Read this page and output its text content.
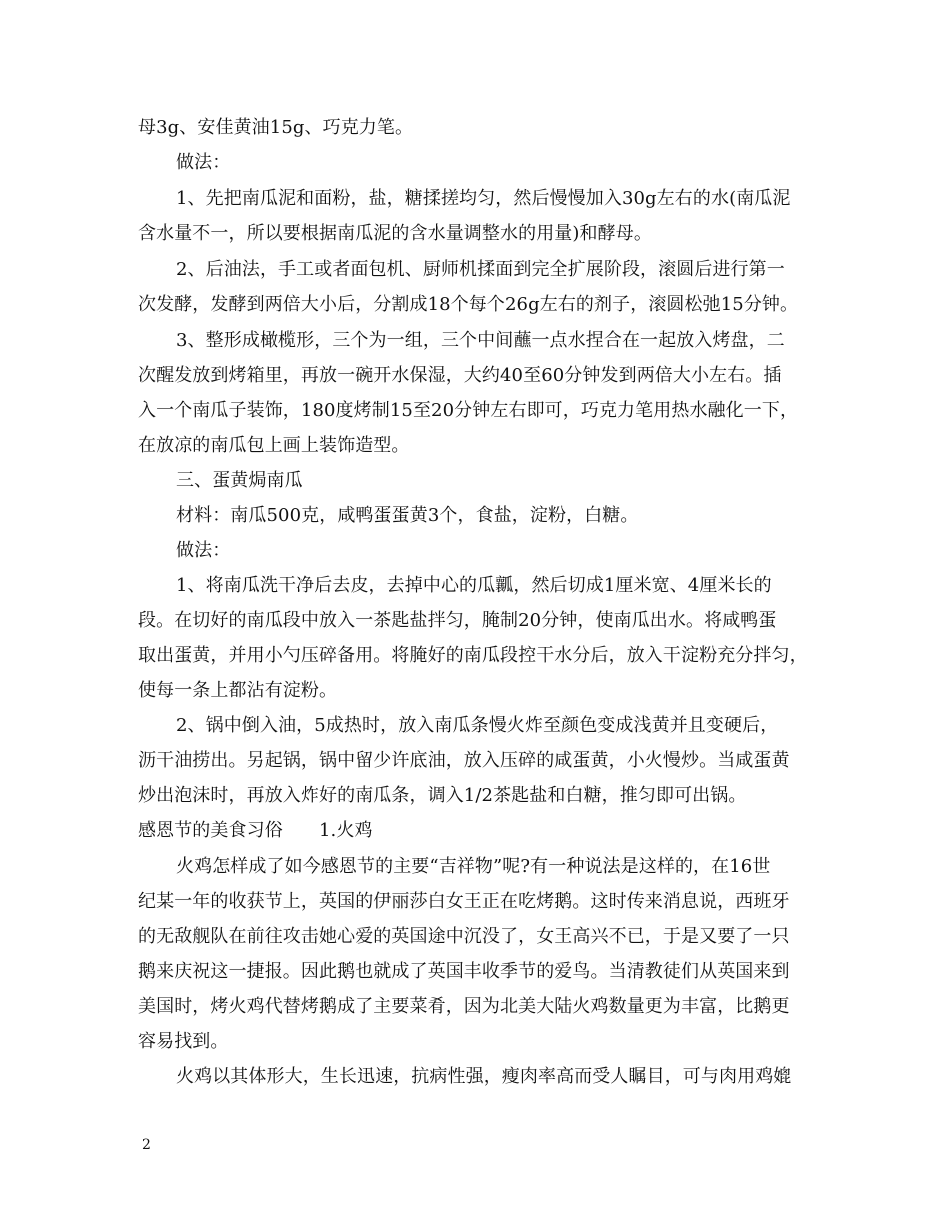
母3g、安佳黄油15g、巧克力笔。
做法：
1、先把南瓜泥和面粉，盐，糖揉搓均匀，然后慢慢加入30g左右的水(南瓜泥
含水量不一，所以要根据南瓜泥的含水量调整水的用量)和酵母。
2、后油法，手工或者面包机、厨师机揉面到完全扩展阶段，滚圆后进行第一
次发酵，发酵到两倍大小后，分割成18个每个26g左右的剂子，滚圆松弛15分钟。
3、整形成橄榄形，三个为一组，三个中间蘸一点水捏合在一起放入烤盘，二
次醒发放到烤箱里，再放一碗开水保湿，大约40至60分钟发到两倍大小左右。插
入一个南瓜子装饰，180度烤制15至20分钟左右即可，巧克力笔用热水融化一下，
在放凉的南瓜包上画上装饰造型。
三、蛋黄焗南瓜
材料：南瓜500克，咸鸭蛋蛋黄3个，食盐，淀粉，白糖。
做法：
1、将南瓜洗干净后去皮，去掉中心的瓜瓤，然后切成1厘米宽、4厘米长的
段。在切好的南瓜段中放入一茶匙盐拌匀，腌制20分钟，使南瓜出水。将咸鸭蛋
取出蛋黄，并用小勺压碎备用。将腌好的南瓜段控干水分后，放入干淀粉充分拌匀，
使每一条上都沾有淀粉。
2、锅中倒入油，5成热时，放入南瓜条慢火炸至颜色变成浅黄并且变硬后，
沥干油捞出。另起锅，锅中留少许底油，放入压碎的咸蛋黄，小火慢炒。当咸蛋黄
炒出泡沫时，再放入炸好的南瓜条，调入1/2茶匙盐和白糖，推匀即可出锅。
感恩节的美食习俗　　1.火鸡
火鸡怎样成了如今感恩节的主要“吉祥物”呢?有一种说法是这样的，在16世
纪某一年的收获节上，英国的伊丽莎白女王正在吃烤鹅。这时传来消息说，西班牙
的无敌舰队在前往攻击她心爱的英国途中沉没了，女王高兴不已，于是又要了一只
鹅来庆祝这一捷报。因此鹅也就成了英国丰收季节的爱鸟。当清教徒们从英国来到
美国时，烤火鸡代替烤鹅成了主要菜肴，因为北美大陆火鸡数量更为丰富，比鹅更
容易找到。
火鸡以其体形大，生长迅速，抗病性强，瘦肉率高而受人瞩目，可与肉用鸡媲
2
